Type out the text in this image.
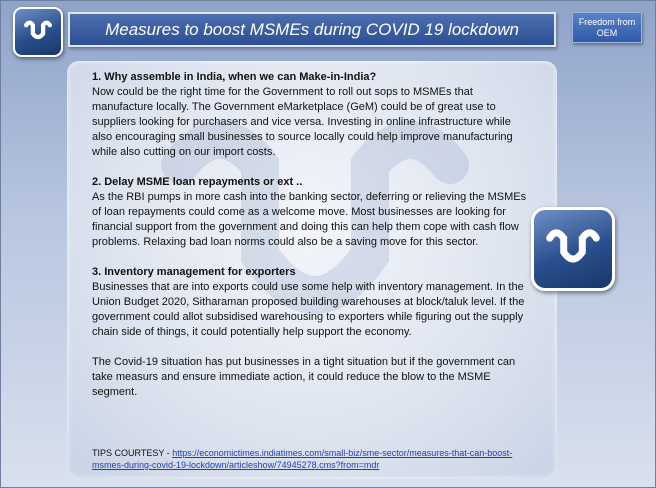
Measures to boost MSMEs during COVID 19 lockdown	Freedom from OEM
1. Why assemble in India, when we can Make-in-India?
Now could be the right time for the Government to roll out sops to MSMEs that manufacture locally. The Government eMarketplace (GeM) could be of great use to suppliers looking for purchasers and vice versa. Investing in online infrastructure while also encouraging small businesses to source locally could help improve manufacturing while also cutting on our import costs.
2. Delay MSME loan repayments or ext ..
As the RBI pumps in more cash into the banking sector, deferring or relieving the MSMEs of loan repayments could come as a welcome move. Most businesses are looking for financial support from the government and doing this can help them cope with cash flow problems. Relaxing bad loan norms could also be a saving move for this sector.
3. Inventory management for exporters
Businesses that are into exports could use some help with inventory management. In the Union Budget 2020, Sitharaman proposed building warehouses at block/taluk level. If the government could allot subsidised warehousing to exporters while figuring out the supply chain side of things, it could potentially help support the economy.
The Covid-19 situation has put businesses in a tight situation but if the government can take measurs and ensure immediate action, it could reduce the blow to the MSME segment.
TIPS COURTESY - https://economictimes.indiatimes.com/small-biz/sme-sector/measures-that-can-boost-msmes-during-covid-19-lockdown/articleshow/74945278.cms?from=mdr
